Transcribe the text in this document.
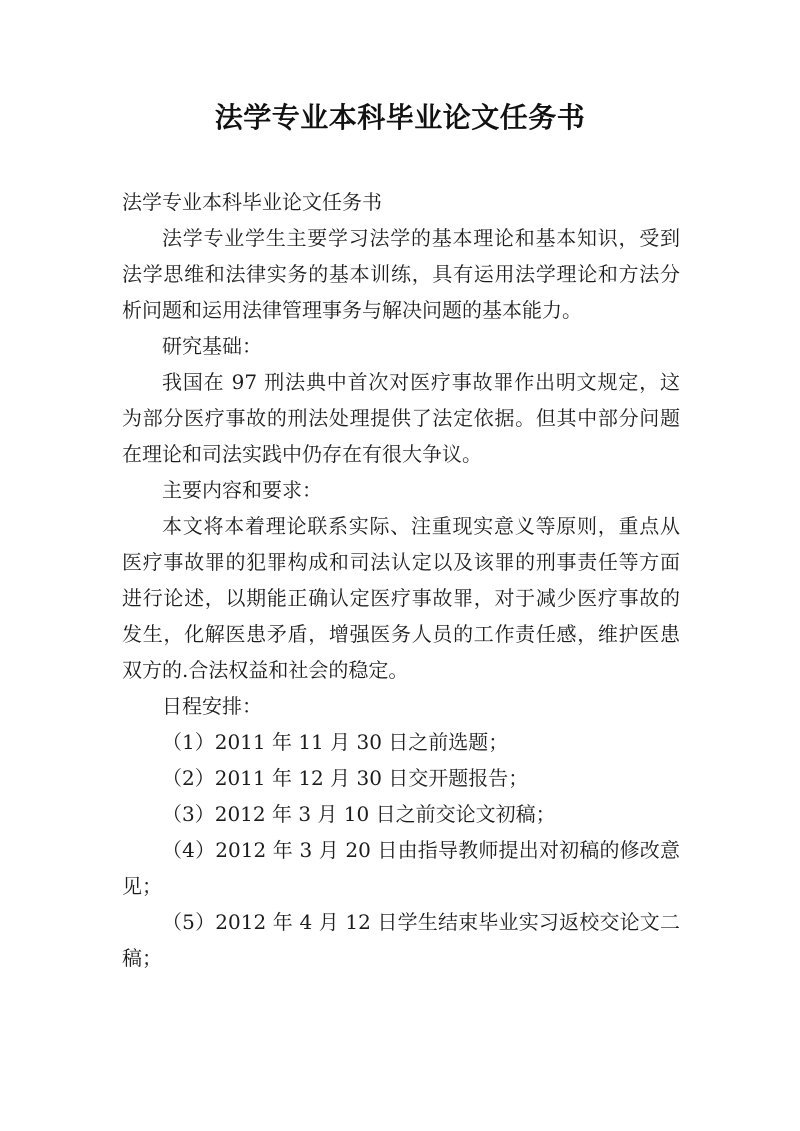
法学专业本科毕业论文任务书

法学专业本科毕业论文任务书

法学专业学生主要学习法学的基本理论和基本知识，受到法学思维和法律实务的基本训练，具有运用法学理论和方法分析问题和运用法律管理事务与解决问题的基本能力。

研究基础：

我国在 97 刑法典中首次对医疗事故罪作出明文规定，这为部分医疗事故的刑法处理提供了法定依据。但其中部分问题在理论和司法实践中仍存在有很大争议。

主要内容和要求：

本文将本着理论联系实际、注重现实意义等原则，重点从医疗事故罪的犯罪构成和司法认定以及该罪的刑事责任等方面进行论述，以期能正确认定医疗事故罪，对于减少医疗事故的发生，化解医患矛盾，增强医务人员的工作责任感，维护医患双方的.合法权益和社会的稳定。

日程安排：

（1）2011 年 11 月 30 日之前选题；

（2）2011 年 12 月 30 日交开题报告；

（3）2012 年 3 月 10 日之前交论文初稿；

（4）2012 年 3 月 20 日由指导教师提出对初稿的修改意见；

（5）2012 年 4 月 12 日学生结束毕业实习返校交论文二稿；
